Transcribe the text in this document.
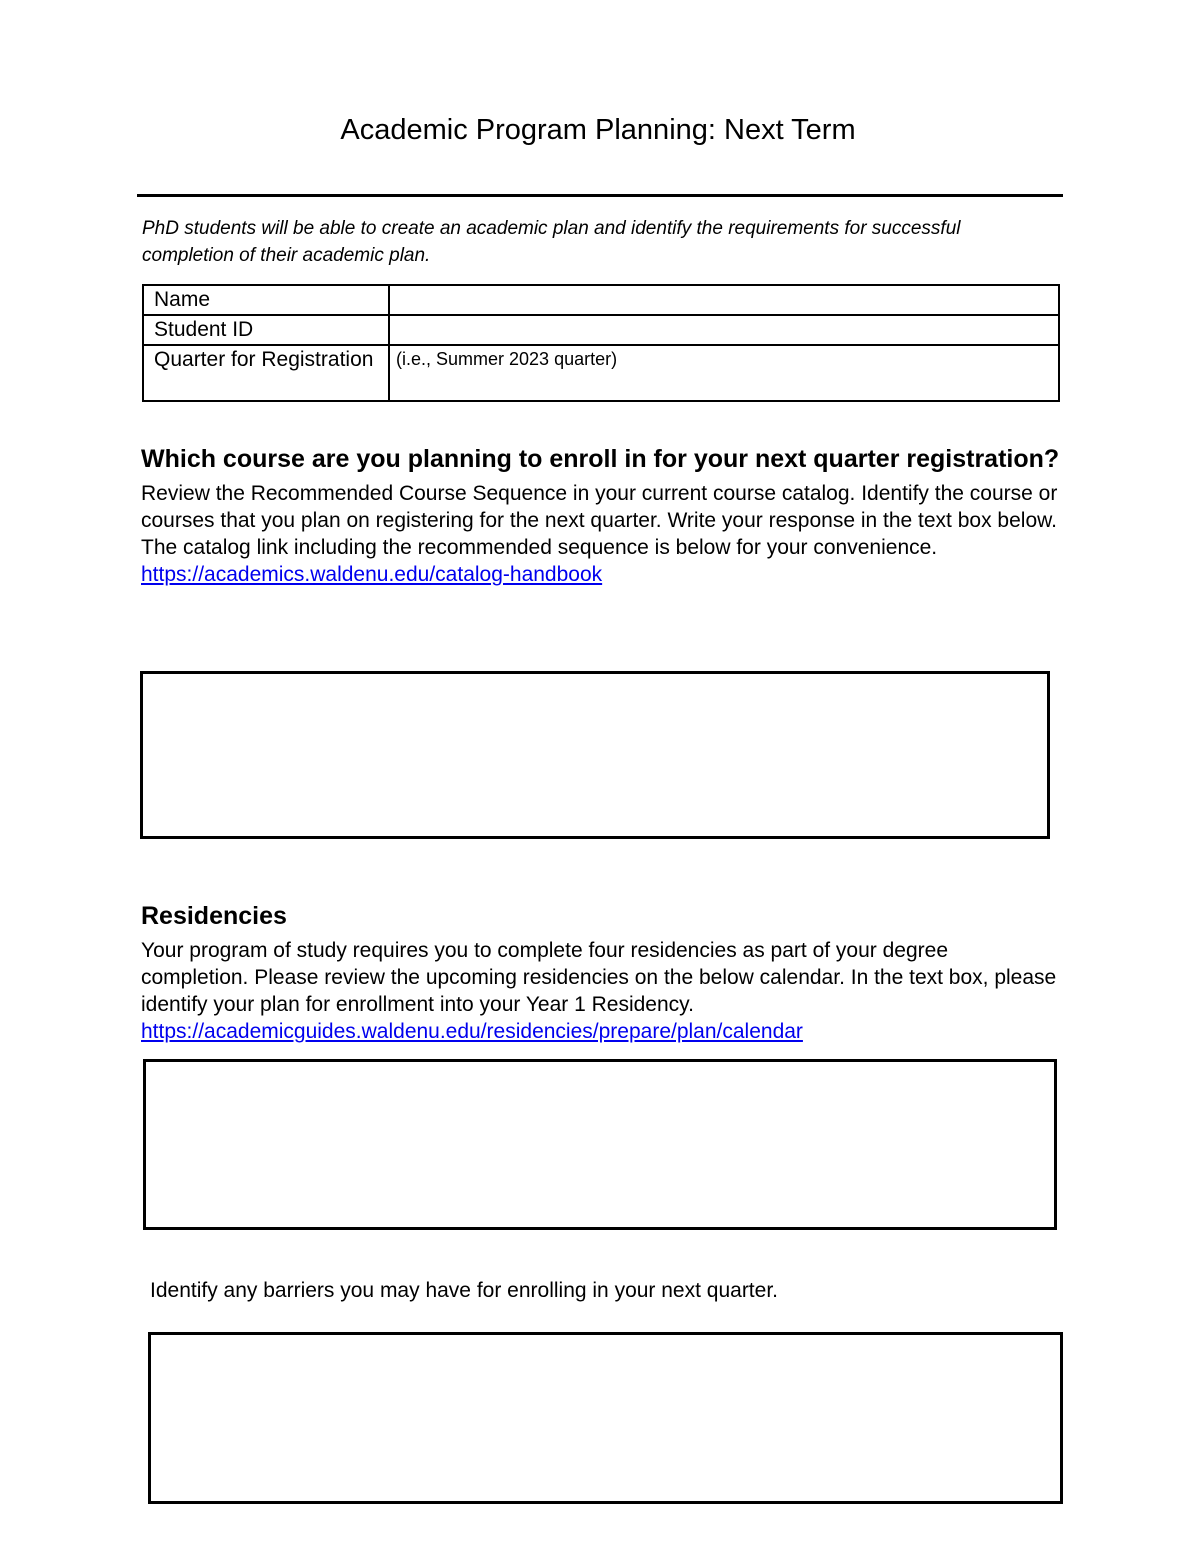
Academic Program Planning: Next Term

PhD students will be able to create an academic plan and identify the requirements for successful completion of their academic plan.

Name	
Student ID	
Quarter for Registration	(i.e., Summer 2023 quarter)
Which course are you planning to enroll in for your next quarter registration?

Review the Recommended Course Sequence in your current course catalog. Identify the course or courses that you plan on registering for the next quarter. Write your response in the text box below. The catalog link including the recommended sequence is below for your convenience.

https://academics.waldenu.edu/catalog-handbook
Residencies

Your program of study requires you to complete four residencies as part of your degree completion. Please review the upcoming residencies on the below calendar. In the text box, please identify your plan for enrollment into your Year 1 Residency.

https://academicguides.waldenu.edu/residencies/prepare/plan/calendar

Identify any barriers you may have for enrolling in your next quarter.
